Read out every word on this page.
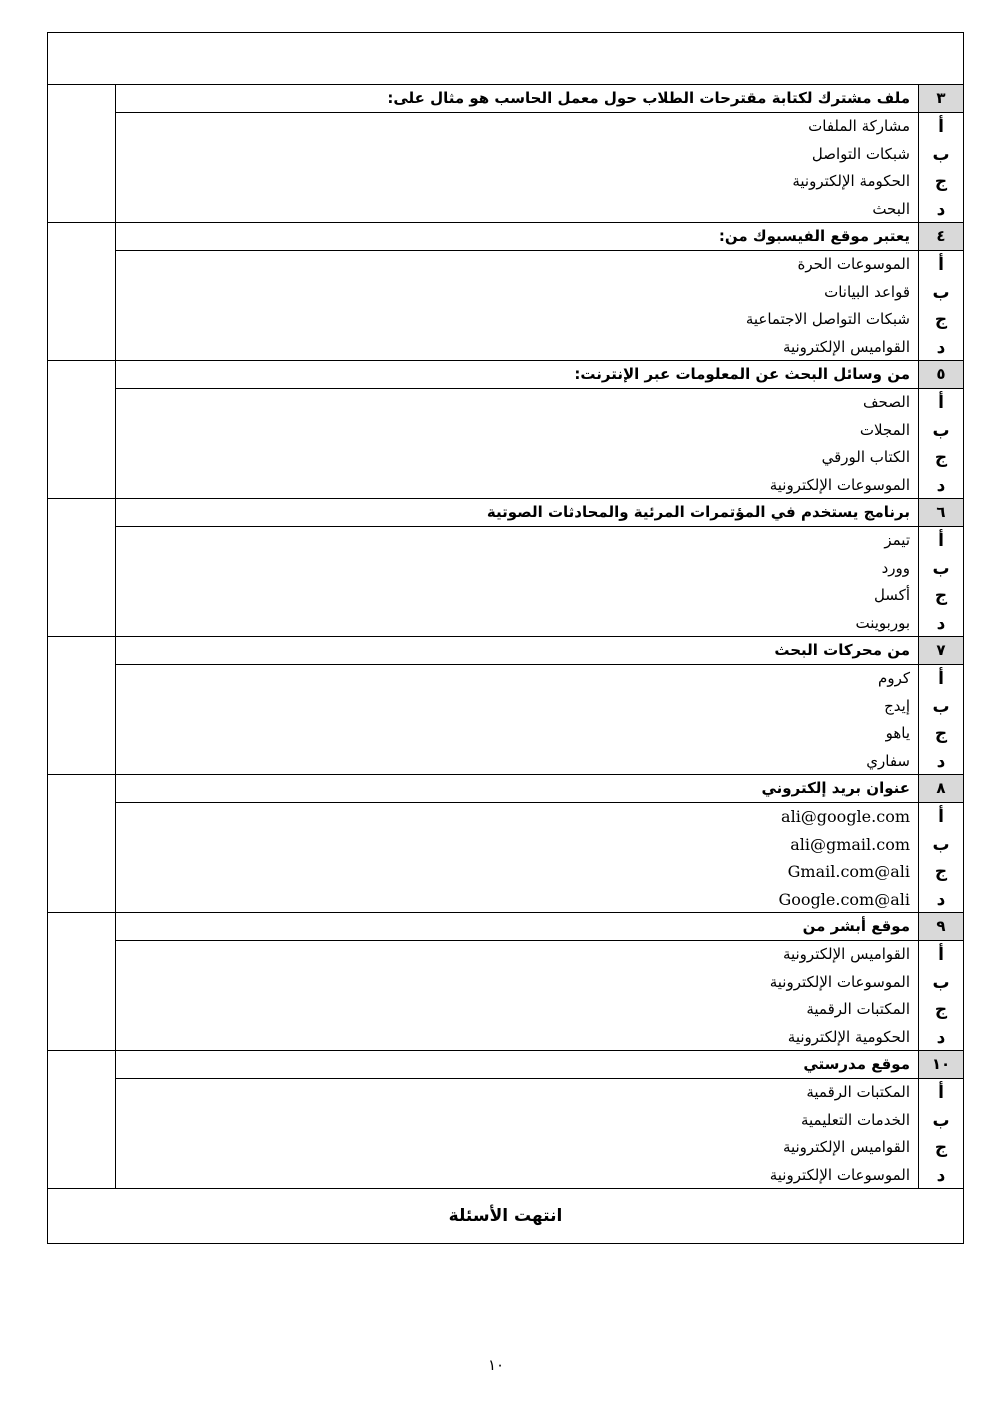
ملف مشترك لكتابة مقترحات الطلاب حول معمل الحاسب هو مثال على:	٣
مشاركة الملفات	أ
شبكات التواصل	ب
الحكومة الإلكترونية	ج
البحث	د
يعتبر موقع الفيسبوك من:	٤
الموسوعات الحرة	أ
قواعد البيانات	ب
شبكات التواصل الاجتماعية	ج
القواميس الإلكترونية	د
من وسائل البحث عن المعلومات عبر الإنترنت:	٥
الصحف	أ
المجلات	ب
الكتاب الورقي	ج
الموسوعات الإلكترونية	د
برنامج يستخدم في المؤتمرات المرئية والمحادثات الصوتية	٦
تيمز	أ
وورد	ب
أكسل	ج
بوربوينت	د
من محركات البحث	٧
كروم	أ
إيدج	ب
ياهو	ج
سفاري	د
عنوان بريد إلكتروني	٨
ali@google.com	أ
ali@gmail.com	ب
Gmail.com@ali	ج
Google.com@ali	د
موقع أبشر من	٩
القواميس الإلكترونية	أ
الموسوعات الإلكترونية	ب
المكتبات الرقمية	ج
الحكومية الإلكترونية	د
موقع مدرستي	١٠
المكتبات الرقمية	أ
الخدمات التعليمية	ب
القواميس الإلكترونية	ج
الموسوعات الإلكترونية	د
انتهت الأسئلة
١٠
